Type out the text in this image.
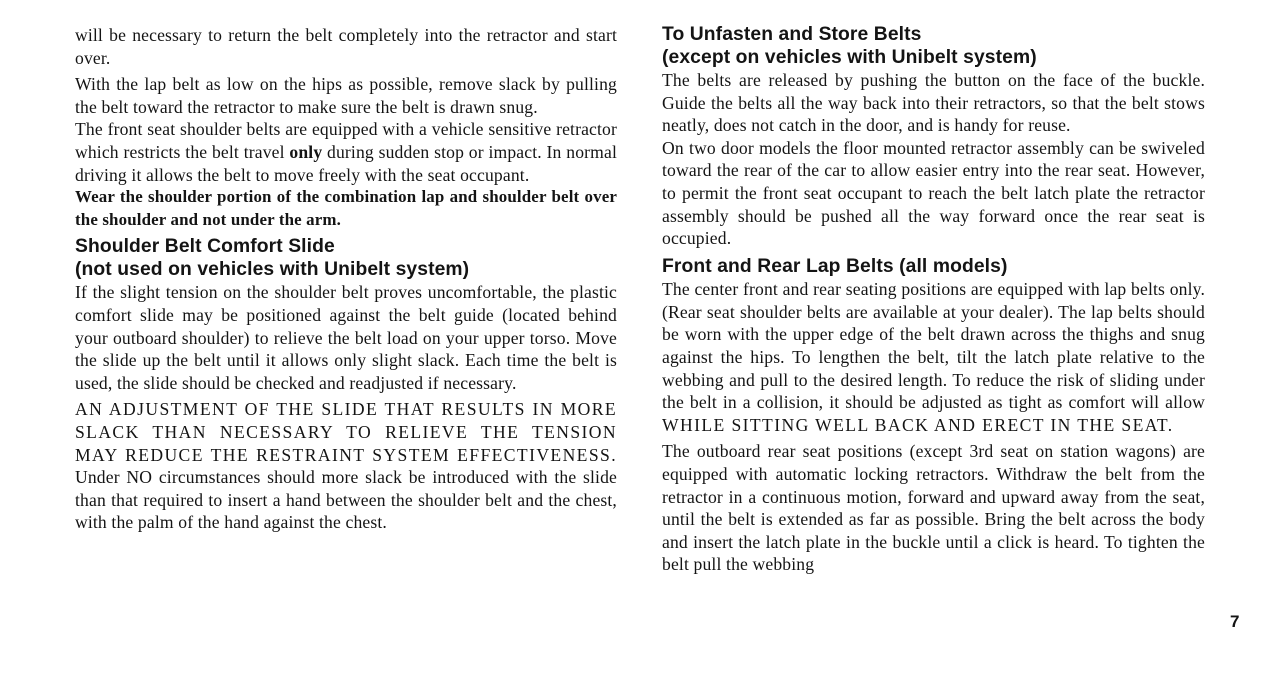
will be necessary to return the belt completely into the retractor and start over.

With the lap belt as low on the hips as possible, remove slack by pulling the belt toward the retractor to make sure the belt is drawn snug.

The front seat shoulder belts are equipped with a vehicle sensitive retractor which restricts the belt travel only during sudden stop or impact. In normal driving it allows the belt to move freely with the seat occupant.

Wear the shoulder portion of the combination lap and shoulder belt over the shoulder and not under the arm.

Shoulder Belt Comfort Slide
(not used on vehicles with Unibelt system)

If the slight tension on the shoulder belt proves uncomfortable, the plastic comfort slide may be positioned against the belt guide (located behind your outboard shoulder) to relieve the belt load on your upper torso. Move the slide up the belt until it allows only slight slack. Each time the belt is used, the slide should be checked and readjusted if necessary.

AN ADJUSTMENT OF THE SLIDE THAT RESULTS IN MORE SLACK THAN NECESSARY TO RELIEVE THE TENSION MAY REDUCE THE RESTRAINT SYSTEM EFFECTIVENESS. Under NO circumstances should more slack be introduced with the slide than that required to insert a hand between the shoulder belt and the chest, with the palm of the hand against the chest.

To Unfasten and Store Belts
(except on vehicles with Unibelt system)

The belts are released by pushing the button on the face of the buckle. Guide the belts all the way back into their retractors, so that the belt stows neatly, does not catch in the door, and is handy for reuse.

On two door models the floor mounted retractor assembly can be swiveled toward the rear of the car to allow easier entry into the rear seat. However, to permit the front seat occupant to reach the belt latch plate the retractor assembly should be pushed all the way forward once the rear seat is occupied.

Front and Rear Lap Belts (all models)

The center front and rear seating positions are equipped with lap belts only. (Rear seat shoulder belts are available at your dealer). The lap belts should be worn with the upper edge of the belt drawn across the thighs and snug against the hips. To lengthen the belt, tilt the latch plate relative to the webbing and pull to the desired length. To reduce the risk of sliding under the belt in a collision, it should be adjusted as tight as comfort will allow WHILE SITTING WELL BACK AND ERECT IN THE SEAT.

The outboard rear seat positions (except 3rd seat on station wagons) are equipped with automatic locking retractors. Withdraw the belt from the retractor in a continuous motion, forward and upward away from the seat, until the belt is extended as far as possible. Bring the belt across the body and insert the latch plate in the buckle until a click is heard. To tighten the belt pull the webbing

7
